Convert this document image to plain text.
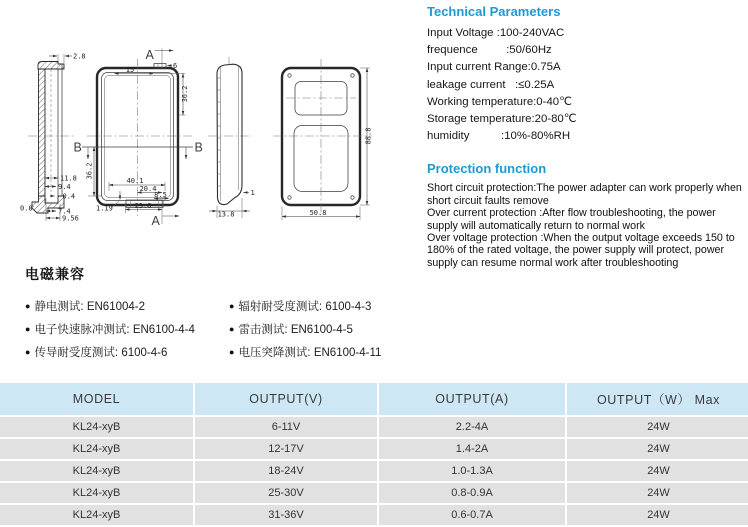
2.8
11.8
9.4
0.4
0.8	7.4
9.56
A
6
15
36.2
B	B
36.2
40.1
20.4
8.5
1.19	23.8
A
1
13.8	50.8
88.8
Technical Parameters
Input Voltage :100-240VAC
frequence         :50/60Hz
Input current Range:0.75A
leakage current   :≤0.25A
Working temperature:0-40℃
Storage temperature:20-80℃
humidity          :10%-80%RH
Protection function

Short circuit protection:The power adapter can work properly when short circuit faults remove

Over current protection :After flow troubleshooting, the power supply will automatically return to normal work

Over voltage protection :When the output voltage exceeds 150 to 180% of the rated voltage, the power supply will protect, power supply can resume normal work after troubleshooting

电磁兼容
● 静电测试: EN61004-2
● 电子快速脉冲测试: EN6100-4-4
● 传导耐受度测试: 6100-4-6
● 辐射耐受度测试: 6100-4-3
● 雷击测试: EN6100-4-5
● 电压突降测试: EN6100-4-11
MODEL	OUTPUT(V)	OUTPUT(A)	OUTPUT（W） Max
KL24-xyB	6-11V	2.2-4A	24W
KL24-xyB	12-17V	1.4-2A	24W
KL24-xyB	18-24V	1.0-1.3A	24W
KL24-xyB	25-30V	0.8-0.9A	24W
KL24-xyB	31-36V	0.6-0.7A	24W
